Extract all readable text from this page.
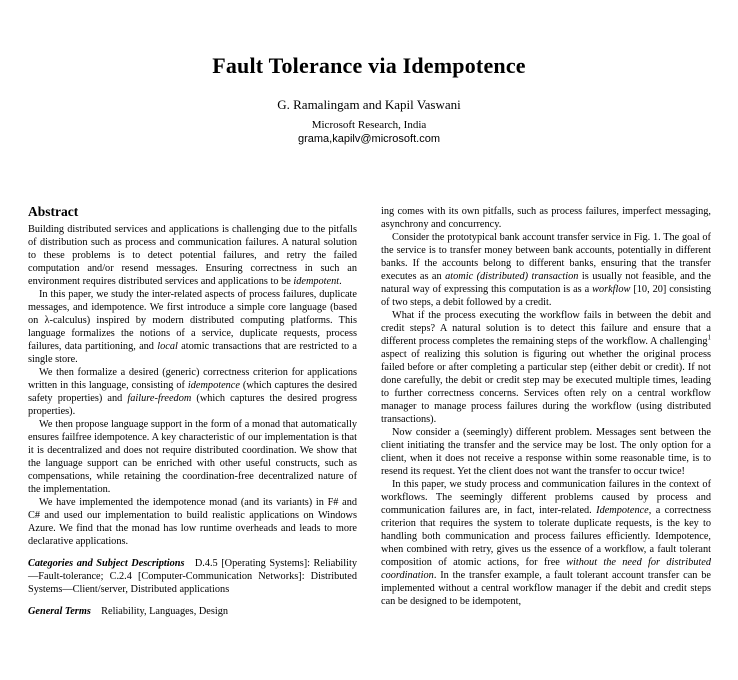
Fault Tolerance via Idempotence
G. Ramalingam and Kapil Vaswani
Microsoft Research, India
grama,kapilv@microsoft.com
Abstract

Building distributed services and applications is challenging due to the pitfalls of distribution such as process and communication failures. A natural solution to these problems is to detect potential failures, and retry the failed computation and/or resend messages. Ensuring correctness in such an environment requires distributed services and applications to be idempotent.

In this paper, we study the inter-related aspects of process failures, duplicate messages, and idempotence. We first introduce a simple core language (based on λ-calculus) inspired by modern distributed computing platforms. This language formalizes the notions of a service, duplicate requests, process failures, data partitioning, and local atomic transactions that are restricted to a single store.

We then formalize a desired (generic) correctness criterion for applications written in this language, consisting of idempotence (which captures the desired safety properties) and failure-freedom (which captures the desired progress properties).

We then propose language support in the form of a monad that automatically ensures failfree idempotence. A key characteristic of our implementation is that it is decentralized and does not require distributed coordination. We show that the language support can be enriched with other useful constructs, such as compensations, while retaining the coordination-free decentralized nature of the implementation.

We have implemented the idempotence monad (and its variants) in F# and C# and used our implementation to build realistic applications on Windows Azure. We find that the monad has low runtime overheads and leads to more declarative applications.

Categories and Subject Descriptions D.4.5 [Operating Systems]: Reliability—Fault-tolerance; C.2.4 [Computer-Communication Networks]: Distributed Systems—Client/server, Distributed applications

General Terms Reliability, Languages, Design

ing comes with its own pitfalls, such as process failures, imperfect messaging, asynchrony and concurrency.

Consider the prototypical bank account transfer service in Fig. 1. The goal of the service is to transfer money between bank accounts, potentially in different banks. If the accounts belong to different banks, ensuring that the transfer executes as an atomic (distributed) transaction is usually not feasible, and the natural way of expressing this computation is as a workflow [10, 20] consisting of two steps, a debit followed by a credit.

What if the process executing the workflow fails in between the debit and credit steps? A natural solution is to detect this failure and ensure that a different process completes the remaining steps of the workflow. A challenging$^1$ aspect of realizing this solution is figuring out whether the original process failed before or after completing a particular step (either debit or credit). If not done carefully, the debit or credit step may be executed multiple times, leading to further correctness concerns. Services often rely on a central workflow manager to manage process failures during the workflow (using distributed transactions).

Now consider a (seemingly) different problem. Messages sent between the client initiating the transfer and the service may be lost. The only option for a client, when it does not receive a response within some reasonable time, is to resend its request. Yet the client does not want the transfer to occur twice!

In this paper, we study process and communication failures in the context of workflows. The seemingly different problems caused by process and communication failures are, in fact, inter-related. Idempotence, a correctness criterion that requires the system to tolerate duplicate requests, is the key to handling both communication and process failures efficiently. Idempotence, when combined with retry, gives us the essence of a workflow, a fault tolerant composition of atomic actions, for free without the need for distributed coordination. In the transfer example, a fault tolerant account transfer can be implemented without a central workflow manager if the debit and credit steps can be designed to be idempotent,
